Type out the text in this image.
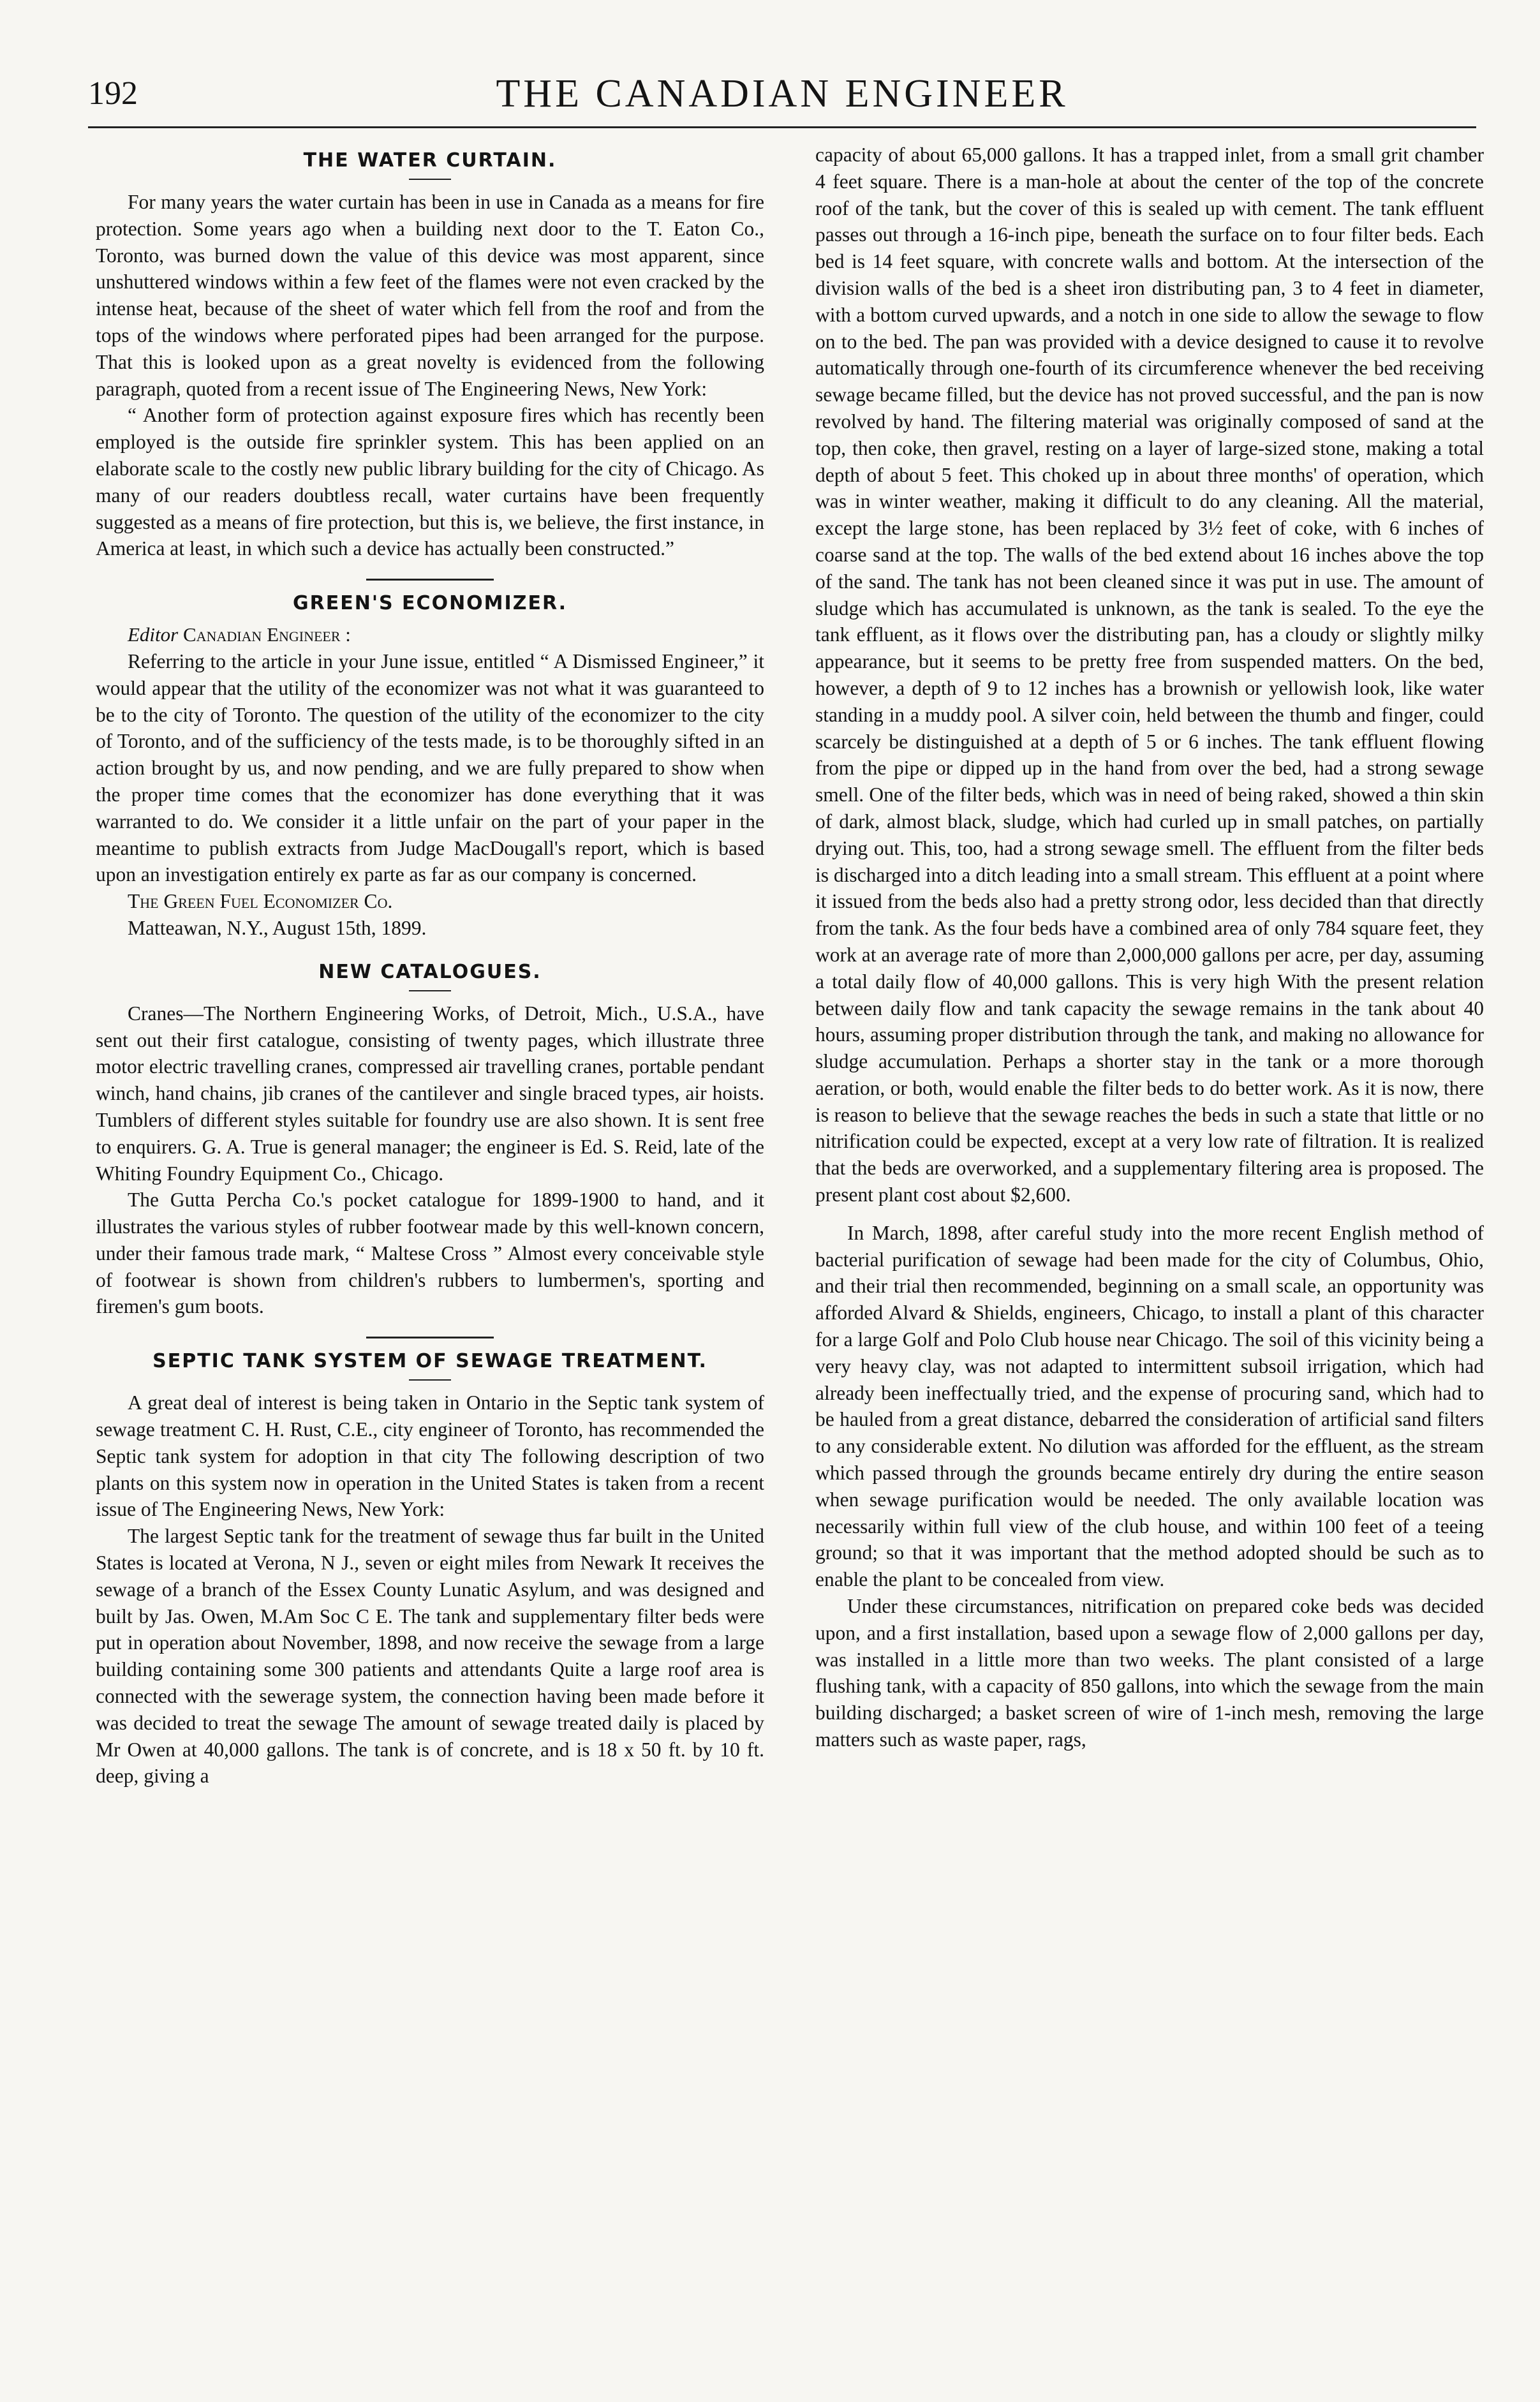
192	THE CANADIAN ENGINEER
THE WATER CURTAIN.

For many years the water curtain has been in use in Canada as a means for fire protection. Some years ago when a building next door to the T. Eaton Co., Toronto, was burned down the value of this device was most apparent, since unshuttered windows within a few feet of the flames were not even cracked by the intense heat, because of the sheet of water which fell from the roof and from the tops of the windows where perforated pipes had been arranged for the purpose. That this is looked upon as a great novelty is evidenced from the following paragraph, quoted from a recent issue of The Engineering News, New York:

“ Another form of protection against exposure fires which has recently been employed is the outside fire sprinkler system. This has been applied on an elaborate scale to the costly new public library building for the city of Chicago. As many of our readers doubtless recall, water curtains have been frequently suggested as a means of fire protection, but this is, we believe, the first instance, in America at least, in which such a device has actually been constructed.”

GREEN'S ECONOMIZER.

Editor Canadian Engineer :

Referring to the article in your June issue, entitled “ A Dismissed Engineer,” it would appear that the utility of the economizer was not what it was guaranteed to be to the city of Toronto. The question of the utility of the economizer to the city of Toronto, and of the sufficiency of the tests made, is to be thoroughly sifted in an action brought by us, and now pending, and we are fully prepared to show when the proper time comes that the economizer has done everything that it was warranted to do. We consider it a little unfair on the part of your paper in the meantime to publish extracts from Judge MacDougall's report, which is based upon an investigation entirely ex parte as far as our company is concerned.

The Green Fuel Economizer Co.

Matteawan, N.Y., August 15th, 1899.

NEW CATALOGUES.

Cranes—The Northern Engineering Works, of Detroit, Mich., U.S.A., have sent out their first catalogue, consisting of twenty pages, which illustrate three motor electric travelling cranes, compressed air travelling cranes, portable pendant winch, hand chains, jib cranes of the cantilever and single braced types, air hoists. Tumblers of different styles suitable for foundry use are also shown. It is sent free to enquirers. G. A. True is general manager; the engineer is Ed. S. Reid, late of the Whiting Foundry Equipment Co., Chicago.

The Gutta Percha Co.'s pocket catalogue for 1899-1900 to hand, and it illustrates the various styles of rubber footwear made by this well-known concern, under their famous trade mark, “ Maltese Cross ” Almost every conceivable style of footwear is shown from children's rubbers to lumbermen's, sporting and firemen's gum boots.

SEPTIC TANK SYSTEM OF SEWAGE TREATMENT.

A great deal of interest is being taken in Ontario in the Septic tank system of sewage treatment C. H. Rust, C.E., city engineer of Toronto, has recommended the Septic tank system for adoption in that city The following description of two plants on this system now in operation in the United States is taken from a recent issue of The Engineering News, New York:

The largest Septic tank for the treatment of sewage thus far built in the United States is located at Verona, N J., seven or eight miles from Newark It receives the sewage of a branch of the Essex County Lunatic Asylum, and was designed and built by Jas. Owen, M.Am Soc C E. The tank and supplementary filter beds were put in operation about November, 1898, and now receive the sewage from a large building containing some 300 patients and attendants Quite a large roof area is connected with the sewerage system, the connection having been made before it was decided to treat the sewage The amount of sewage treated daily is placed by Mr Owen at 40,000 gallons. The tank is of concrete, and is 18 x 50 ft. by 10 ft. deep, giving a

capacity of about 65,000 gallons. It has a trapped inlet, from a small grit chamber 4 feet square. There is a man-hole at about the center of the top of the concrete roof of the tank, but the cover of this is sealed up with cement. The tank effluent passes out through a 16-inch pipe, beneath the surface on to four filter beds. Each bed is 14 feet square, with concrete walls and bottom. At the intersection of the division walls of the bed is a sheet iron distributing pan, 3 to 4 feet in diameter, with a bottom curved upwards, and a notch in one side to allow the sewage to flow on to the bed. The pan was provided with a device designed to cause it to revolve automatically through one-fourth of its circumference whenever the bed receiving sewage became filled, but the device has not proved successful, and the pan is now revolved by hand. The filtering material was originally composed of sand at the top, then coke, then gravel, resting on a layer of large-sized stone, making a total depth of about 5 feet. This choked up in about three months' of operation, which was in winter weather, making it difficult to do any cleaning. All the material, except the large stone, has been replaced by 3½ feet of coke, with 6 inches of coarse sand at the top. The walls of the bed extend about 16 inches above the top of the sand. The tank has not been cleaned since it was put in use. The amount of sludge which has accumulated is unknown, as the tank is sealed. To the eye the tank effluent, as it flows over the distributing pan, has a cloudy or slightly milky appearance, but it seems to be pretty free from suspended matters. On the bed, however, a depth of 9 to 12 inches has a brownish or yellowish look, like water standing in a muddy pool. A silver coin, held between the thumb and finger, could scarcely be distinguished at a depth of 5 or 6 inches. The tank effluent flowing from the pipe or dipped up in the hand from over the bed, had a strong sewage smell. One of the filter beds, which was in need of being raked, showed a thin skin of dark, almost black, sludge, which had curled up in small patches, on partially drying out. This, too, had a strong sewage smell. The effluent from the filter beds is discharged into a ditch leading into a small stream. This effluent at a point where it issued from the beds also had a pretty strong odor, less decided than that directly from the tank. As the four beds have a combined area of only 784 square feet, they work at an average rate of more than 2,000,000 gallons per acre, per day, assuming a total daily flow of 40,000 gallons. This is very high With the present relation between daily flow and tank capacity the sewage remains in the tank about 40 hours, assuming proper distribution through the tank, and making no allowance for sludge accumulation. Perhaps a shorter stay in the tank or a more thorough aeration, or both, would enable the filter beds to do better work. As it is now, there is reason to believe that the sewage reaches the beds in such a state that little or no nitrification could be expected, except at a very low rate of filtration. It is realized that the beds are overworked, and a supplementary filtering area is proposed. The present plant cost about $2,600.

In March, 1898, after careful study into the more recent English method of bacterial purification of sewage had been made for the city of Columbus, Ohio, and their trial then recommended, beginning on a small scale, an opportunity was afforded Alvard & Shields, engineers, Chicago, to install a plant of this character for a large Golf and Polo Club house near Chicago. The soil of this vicinity being a very heavy clay, was not adapted to intermittent subsoil irrigation, which had already been ineffectually tried, and the expense of procuring sand, which had to be hauled from a great distance, debarred the consideration of artificial sand filters to any considerable extent. No dilution was afforded for the effluent, as the stream which passed through the grounds became entirely dry during the entire season when sewage purification would be needed. The only available location was necessarily within full view of the club house, and within 100 feet of a teeing ground; so that it was important that the method adopted should be such as to enable the plant to be concealed from view.

Under these circumstances, nitrification on prepared coke beds was decided upon, and a first installation, based upon a sewage flow of 2,000 gallons per day, was installed in a little more than two weeks. The plant consisted of a large flushing tank, with a capacity of 850 gallons, into which the sewage from the main building discharged; a basket screen of wire of 1-inch mesh, removing the large matters such as waste paper, rags,
